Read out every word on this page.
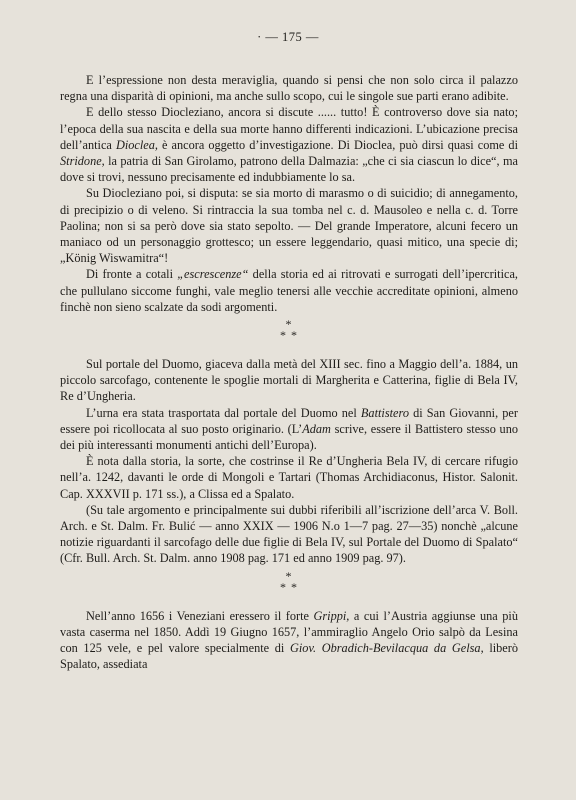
· — 175 —

E l’espressione non desta meraviglia, quando si pensi che non solo circa il palazzo regna una disparità di opinioni, ma anche sullo scopo, cui le singole sue parti erano adibite.

E dello stesso Diocleziano, ancora si discute ...... tutto! È controverso dove sia nato; l’epoca della sua nascita e della sua morte hanno differenti indicazioni. L’ubicazione precisa dell’antica Dioclea, è ancora oggetto d’investigazione. Di Dioclea, può dirsi quasi come di Stridone, la patria di San Girolamo, patrono della Dalmazia: „che ci sia ciascun lo dice“, ma dove si trovi, nessuno precisamente ed indubbiamente lo sa.

Su Diocleziano poi, si disputa: se sia morto di marasmo o di suicidio; di annegamento, di precipizio o di veleno. Si rintraccia la sua tomba nel c. d. Mausoleo e nella c. d. Torre Paolina; non si sa però dove sia stato sepolto. — Del grande Imperatore, alcuni fecero un maniaco od un personaggio grottesco; un essere leggendario, quasi mitico, una specie di; „König Wiswamitra“!

Di fronte a cotali „escrescenze“ della storia ed ai ritrovati e surrogati dell’ipercritica, che pullulano siccome funghi, vale meglio tenersi alle vecchie accreditate opinioni, almeno finchè non sieno scalzate da sodi argomenti.

*
* *

Sul portale del Duomo, giaceva dalla metà del XIII sec. fino a Maggio dell’a. 1884, un piccolo sarcofago, contenente le spoglie mortali di Margherita e Catterina, figlie di Bela IV, Re d’Ungheria.

L’urna era stata trasportata dal portale del Duomo nel Battistero di San Giovanni, per essere poi ricollocata al suo posto originario. (L’Adam scrive, essere il Battistero stesso uno dei più interessanti monumenti antichi dell’Europa).

È nota dalla storia, la sorte, che costrinse il Re d’Ungheria Bela IV, di cercare rifugio nell’a. 1242, davanti le orde di Mongoli e Tartari (Thomas Archidiaconus, Histor. Salonit. Cap. XXXVII p. 171 ss.), a Clissa ed a Spalato.

(Su tale argomento e principalmente sui dubbi riferibili all’iscrizione dell’arca V. Boll. Arch. e St. Dalm. Fr. Bulić — anno XXIX — 1906 N.o 1—7 pag. 27—35) nonchè „alcune notizie riguardanti il sarcofago delle due figlie di Bela IV, sul Portale del Duomo di Spalato“ (Cfr. Bull. Arch. St. Dalm. anno 1908 pag. 171 ed anno 1909 pag. 97).

*
* *

Nell’anno 1656 i Veneziani eressero il forte Grippi, a cui l’Austria aggiunse una più vasta caserma nel 1850. Addì 19 Giugno 1657, l’ammiraglio Angelo Orio salpò da Lesina con 125 vele, e pel valore specialmente di Giov. Obradich-Bevilacqua da Gelsa, liberò Spalato, assediata
